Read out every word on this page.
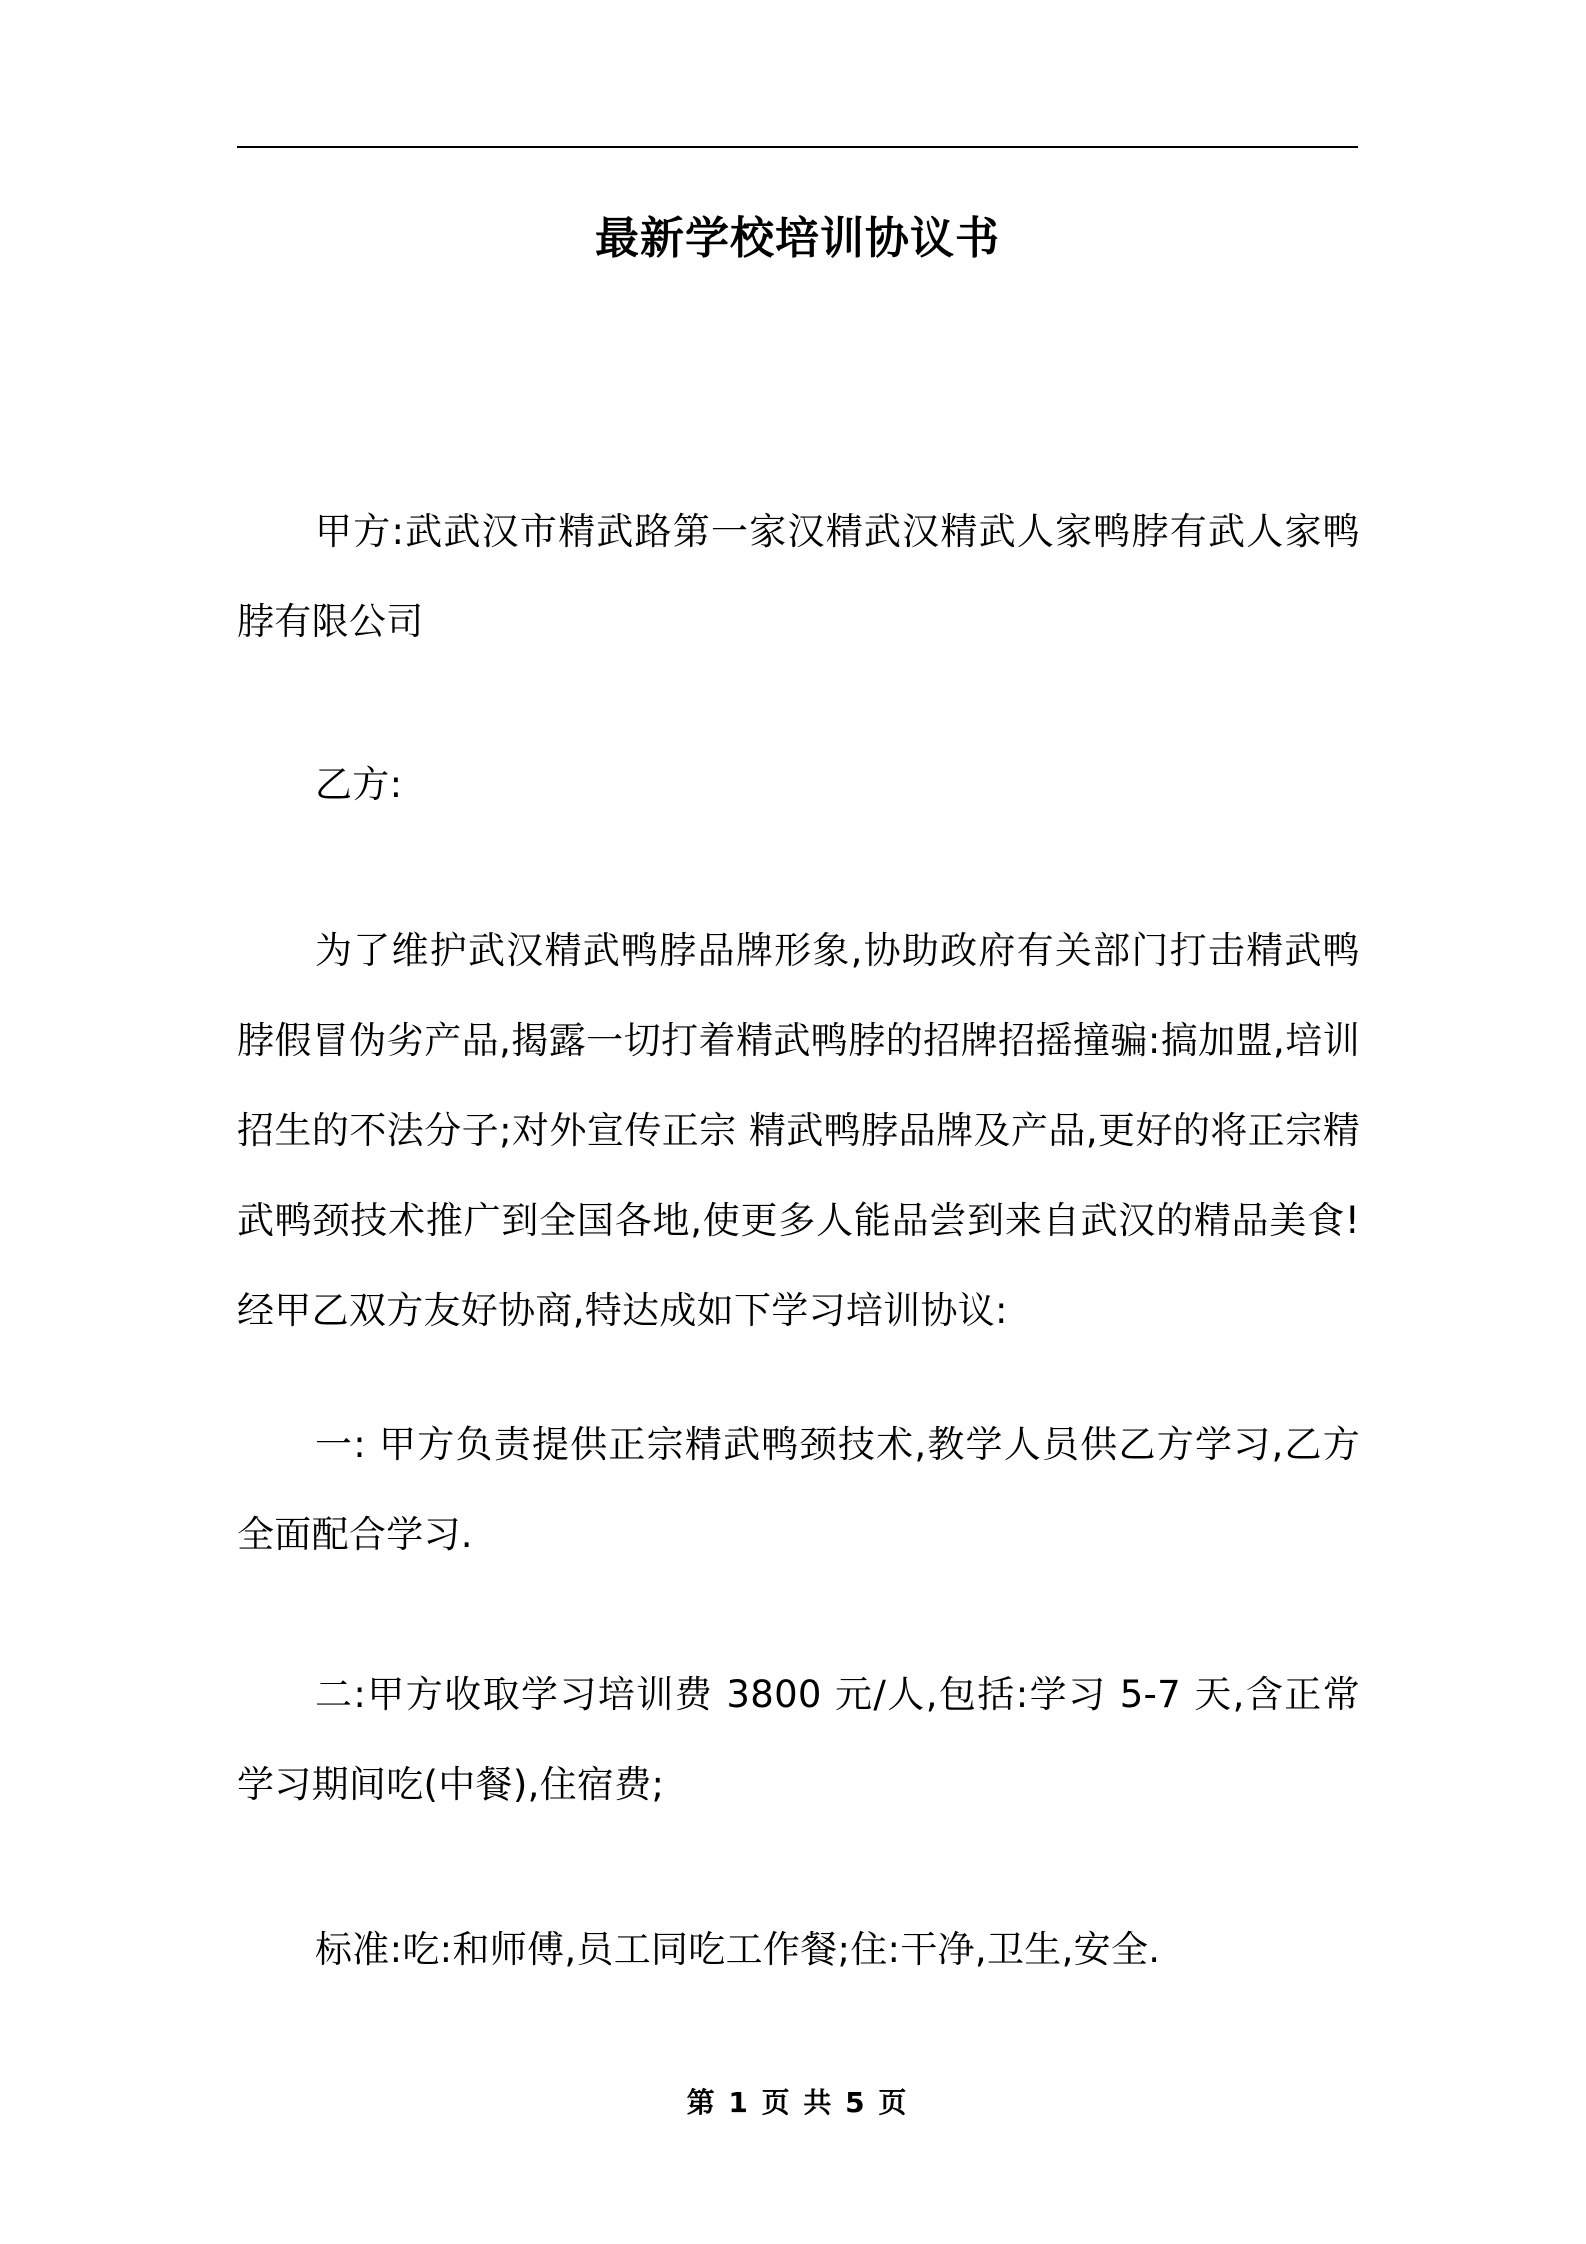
最新学校培训协议书

甲方:武武汉市精武路第一家汉精武汉精武人家鸭脖有武人家鸭脖有限公司

乙方:

为了维护武汉精武鸭脖品牌形象,协助政府有关部门打击精武鸭脖假冒伪劣产品,揭露一切打着精武鸭脖的招牌招摇撞骗:搞加盟,培训招生的不法分子;对外宣传正宗 精武鸭脖品牌及产品,更好的将正宗精武鸭颈技术推广到全国各地,使更多人能品尝到来自武汉的精品美食!经甲乙双方友好协商,特达成如下学习培训协议:

一: 甲方负责提供正宗精武鸭颈技术,教学人员供乙方学习,乙方全面配合学习.

二:甲方收取学习培训费 3800 元/人,包括:学习 5-7 天,含正常学习期间吃(中餐),住宿费;

标准:吃:和师傅,员工同吃工作餐;住:干净,卫生,安全.

第 1 页 共 5 页
